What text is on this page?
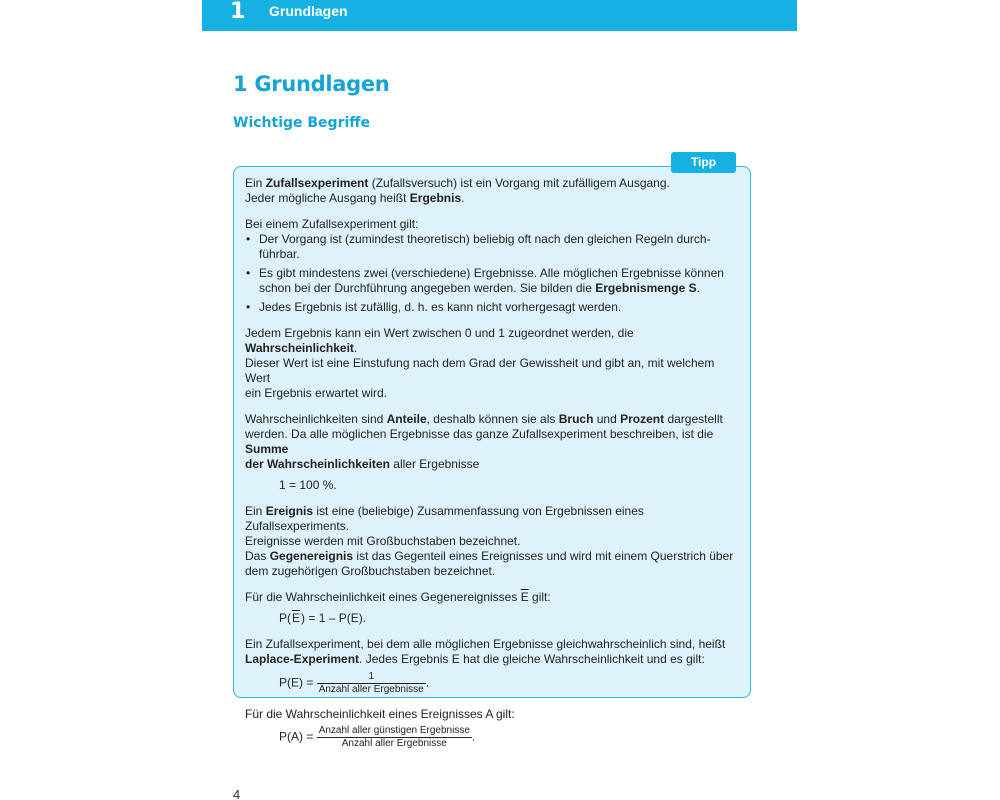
1 Grundlagen
1 Grundlagen
Wichtige Begriffe
Tipp
Ein Zufallsexperiment (Zufallsversuch) ist ein Vorgang mit zufälligem Ausgang.
Jeder mögliche Ausgang heißt Ergebnis.
Bei einem Zufallsexperiment gilt:
• Der Vorgang ist (zumindest theoretisch) beliebig oft nach den gleichen Regeln durch-
führbar.
• Es gibt mindestens zwei (verschiedene) Ergebnisse. Alle möglichen Ergebnisse können
schon bei der Durchführung angegeben werden. Sie bilden die Ergebnismenge S.
• Jedes Ergebnis ist zufällig, d. h. es kann nicht vorhergesagt werden.
Jedem Ergebnis kann ein Wert zwischen 0 und 1 zugeordnet werden, die Wahrscheinlichkeit.
Dieser Wert ist eine Einstufung nach dem Grad der Gewissheit und gibt an, mit welchem Wert
ein Ergebnis erwartet wird.
Wahrscheinlichkeiten sind Anteile, deshalb können sie als Bruch und Prozent dargestellt
werden. Da alle möglichen Ergebnisse das ganze Zufallsexperiment beschreiben, ist die Summe
der Wahrscheinlichkeiten aller Ergebnisse
1 = 100 %.
Ein Ereignis ist eine (beliebige) Zusammenfassung von Ergebnissen eines Zufallsexperiments.
Ereignisse werden mit Großbuchstaben bezeichnet.
Das Gegenereignis ist das Gegenteil eines Ereignisses und wird mit einem Querstrich über
dem zugehörigen Großbuchstaben bezeichnet.
Für die Wahrscheinlichkeit eines Gegenereignisses $\overline{E}$ gilt:
$P(\overline{E}) = 1 - P(E)$.
Ein Zufallsexperiment, bei dem alle möglichen Ergebnisse gleichwahrscheinlich sind, heißt
Laplace-Experiment. Jedes Ergebnis E hat die gleiche Wahrscheinlichkeit und es gilt:
$P(E) = \frac{1}{\text{Anzahl aller Ergebnisse}}$ .
Für die Wahrscheinlichkeit eines Ereignisses A gilt:
$P(A) = \frac{\text{Anzahl aller günstigen Ergebnisse}}{\text{Anzahl aller Ergebnisse}}$ .
4
